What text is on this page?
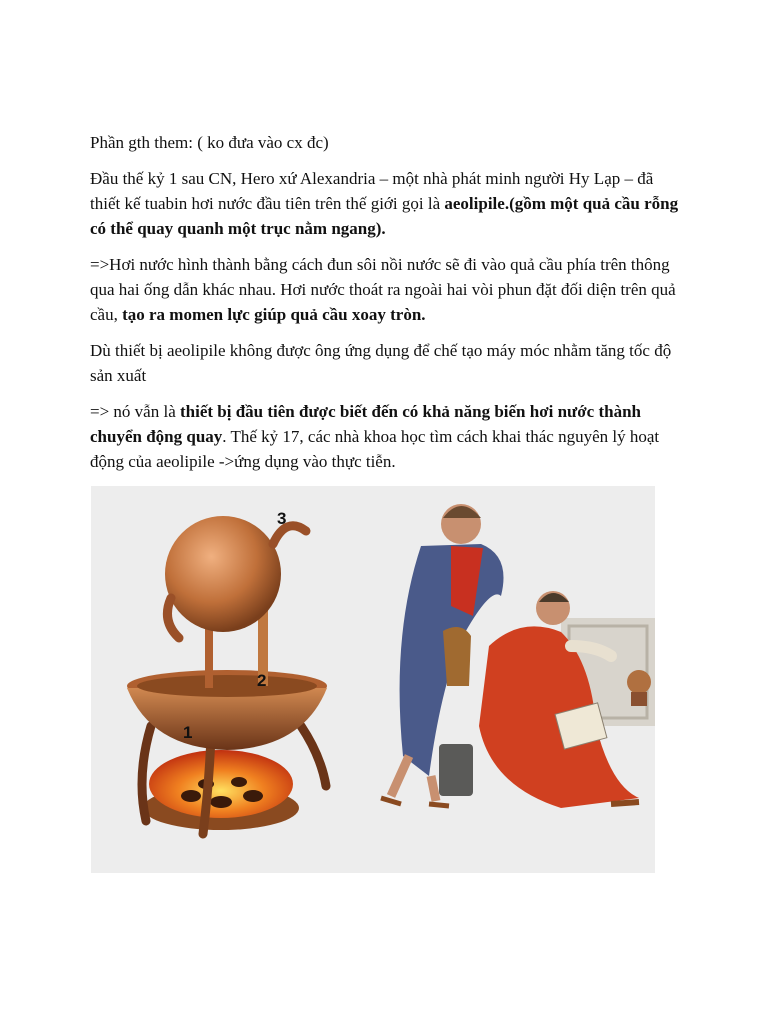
Phần gth them: ( ko đưa vào cx đc)

Đầu thế kỷ 1 sau CN, Hero xứ Alexandria – một nhà phát minh người Hy Lạp – đã thiết kế tuabin hơi nước đầu tiên trên thế giới gọi là aeolipile.(gồm một quả cầu rỗng có thể quay quanh một trục nằm ngang).

=>Hơi nước hình thành bằng cách đun sôi nồi nước sẽ đi vào quả cầu phía trên thông qua hai ống dẫn khác nhau. Hơi nước thoát ra ngoài hai vòi phun đặt đối diện trên quả cầu, tạo ra momen lực giúp quả cầu xoay tròn.

Dù thiết bị aeolipile không được ông ứng dụng để chế tạo máy móc nhằm tăng tốc độ sản xuất

=> nó vẫn là thiết bị đầu tiên được biết đến có khả năng biến hơi nước thành chuyển động quay. Thế kỷ 17, các nhà khoa học tìm cách khai thác nguyên lý hoạt động của aeolipile ->ứng dụng vào thực tiễn.

1
2
3
